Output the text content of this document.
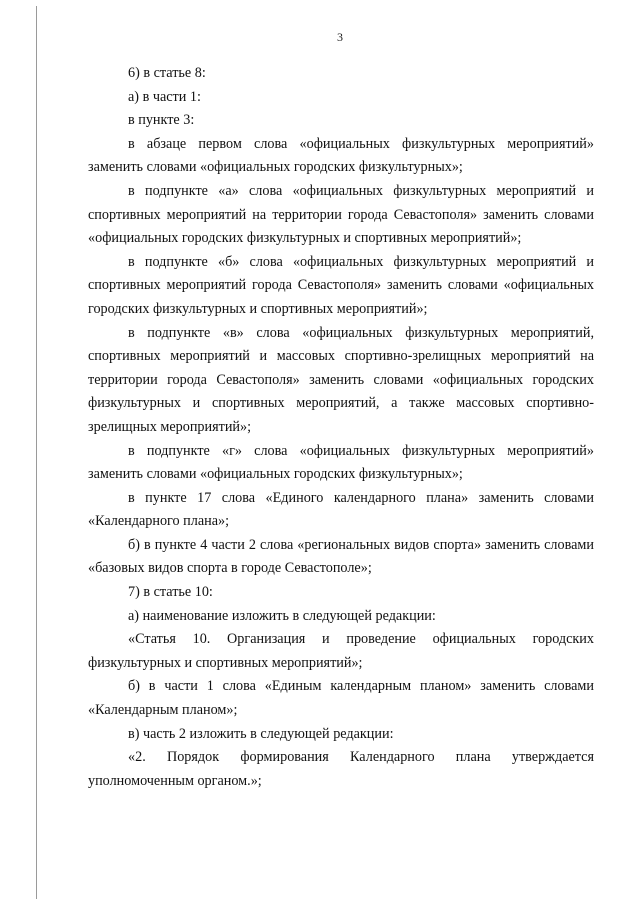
3

6) в статье 8:

а) в части 1:

в пункте 3:

в абзаце первом слова «официальных физкультурных мероприятий» заменить словами «официальных городских физкультурных»;

в подпункте «а» слова «официальных физкультурных мероприятий и спортивных мероприятий на территории города Севастополя» заменить словами «официальных городских физкультурных и спортивных мероприятий»;

в подпункте «б» слова «официальных физкультурных мероприятий и спортивных мероприятий города Севастополя» заменить словами «официальных городских физкультурных и спортивных мероприятий»;

в подпункте «в» слова «официальных физкультурных мероприятий, спортивных мероприятий и массовых спортивно-зрелищных мероприятий на территории города Севастополя» заменить словами «официальных городских физкультурных и спортивных мероприятий, а также массовых спортивно-зрелищных мероприятий»;

в подпункте «г» слова «официальных физкультурных мероприятий» заменить словами «официальных городских физкультурных»;

в пункте 17 слова «Единого календарного плана» заменить словами «Календарного плана»;

б) в пункте 4 части 2 слова «региональных видов спорта» заменить словами «базовых видов спорта в городе Севастополе»;

7) в статье 10:

а) наименование изложить в следующей редакции:

«Статья 10. Организация и проведение официальных городских физкультурных и спортивных мероприятий»;

б) в части 1 слова «Единым календарным планом» заменить словами «Календарным планом»;

в) часть 2 изложить в следующей редакции:

«2. Порядок формирования Календарного плана утверждается уполномоченным органом.»;
